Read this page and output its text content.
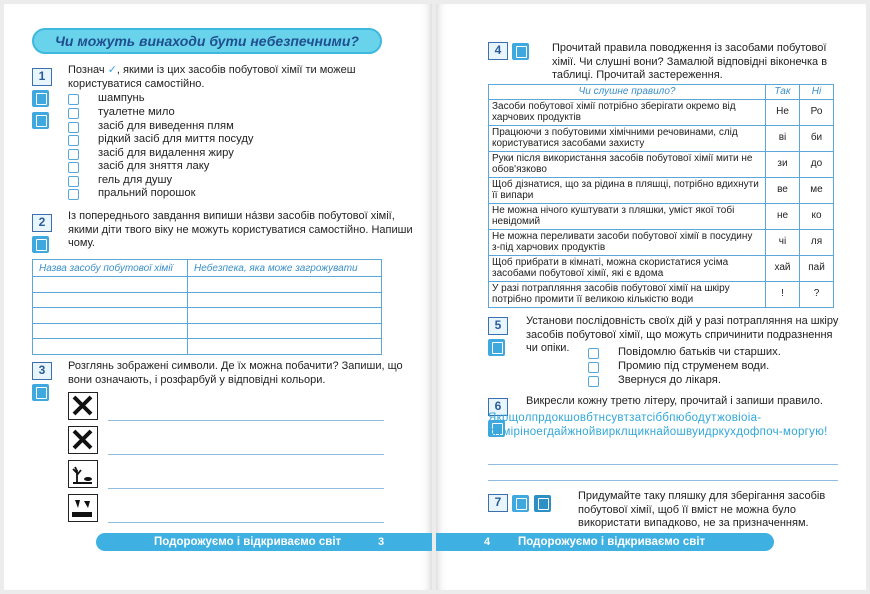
Чи можуть винаходи бути небезпечними?
1	Познач ✓, якими із цих засобів побутової хімії ти можеш користуватися самостійно.
шампунь
туалетне мило
засіб для виведення плям
рідкий засіб для миття посуду
засіб для видалення жиру
засіб для зняття лаку
гель для душу
пральний порошок
2	Із попереднього завдання випиши нáзви засобів побутової хімії, якими діти твого віку не можуть користуватися самостійно. Напиши чому.
Назва засобу побутової хімії	Небезпека, яка може загрожувати

3	Розглянь зображені символи. Де їх можна побачити? Запиши, що вони означають, і розфарбуй у відповідні кольори.
Подорожуємо і відкриваємо світ	3
4	Прочитай правила поводження із засобами побутової хімії. Чи слушні вони? Замалюй відповідні віконечка в таблиці. Прочитай застереження.
Чи слушне правило?	Так	Ні
Засоби побутової хімії потрібно зберігати окремо від харчових продуктів	Не	Ро
Працюючи з побутовими хімічними речовинами, слід користуватися засобами захисту	ві	би
Руки після використання засобів побутової хімії мити не обов'язково	зи	до
Щоб дізнатися, що за рідина в пляшці, потрібно вдихнути її випари	ве	ме
Не можна нічого куштувати з пляшки, уміст якої тобі невідомий	не	ко
Не можна переливати засоби побутової хімії в посудину з-під харчових продуктів	чі	ля
Щоб прибрати в кімнаті, можна скористатися усіма засобами побутової хімії, які є вдома	хай	пай
У разі потрапляння засобів побутової хімії на шкіру потрібно промити її великою кількістю води	!	?
5	Установи послідовність своїх дій у разі потрапляння на шкіру засобів побутової хімії, що можуть спричинити подразнення чи опіки.	Повідомлю батьків чи старших.
Промию під струменем води.
Звернуся до лікаря.
6	Викресли кожну третю літеру, прочитай і запиши правило.
Якрщолпрдокшовбтнсувтзатсіббпюбодутжовіоіа-хітміріноегдайжнойвирклщикнайошвуидркухдофпоч-моргую!
7	Придумайте таку пляшку для зберігання засобів побутової хімії, щоб її вміст не можна було використати випадково, не за призначенням.
Подорожуємо і відкриваємо світ
4
